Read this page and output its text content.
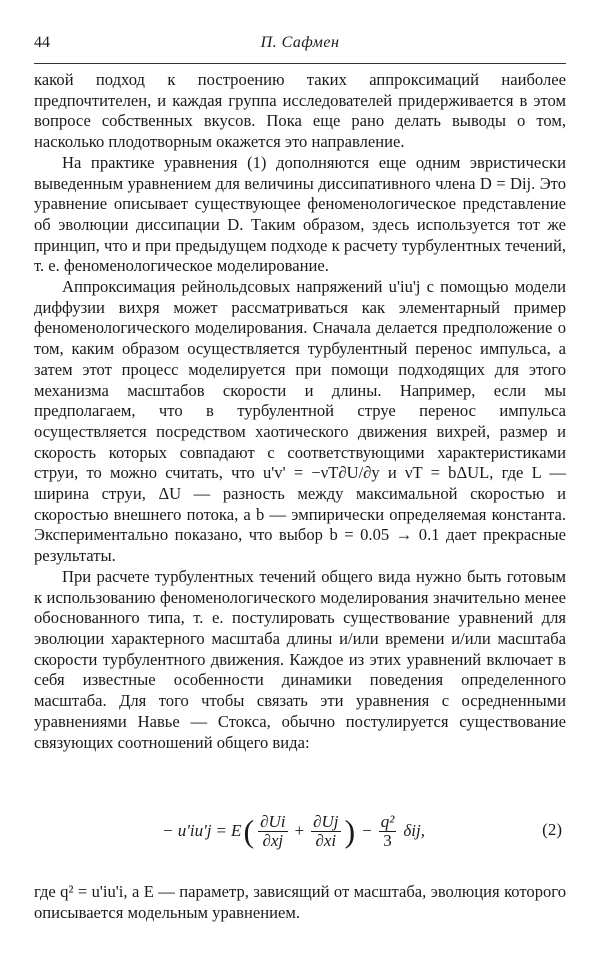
44	П. Сафмен

какой подход к построению таких аппроксимаций наиболее предпочтителен, и каждая группа исследователей придерживается в этом вопросе собственных вкусов. Пока еще рано делать выводы о том, насколько плодотворным окажется это направление.

На практике уравнения (1) дополняются еще одним эвристически выведенным уравнением для величины диссипативного члена D = Dij. Это уравнение описывает существующее феноменологическое представление об эволюции диссипации D. Таким образом, здесь используется тот же принцип, что и при предыдущем подходе к расчету турбулентных течений, т. е. феноменологическое моделирование.

Аппроксимация рейнольдсовых напряжений u'iu'j с помощью модели диффузии вихря может рассматриваться как элементарный пример феноменологического моделирования. Сначала делается предположение о том, каким образом осуществляется турбулентный перенос импульса, а затем этот процесс моделируется при помощи подходящих для этого механизма масштабов скорости и длины. Например, если мы предполагаем, что в турбулентной струе перенос импульса осуществляется посредством хаотического движения вихрей, размер и скорость которых совпадают с соответствующими характеристиками струи, то можно считать, что u'v' = −νT∂U/∂y и νT = bΔUL, где L — ширина струи, ΔU — разность между максимальной скоростью и скоростью внешнего потока, a b — эмпирически определяемая константа. Экспериментально показано, что выбор b = 0.05 → 0.1 дает прекрасные результаты.

При расчете турбулентных течений общего вида нужно быть готовым к использованию феноменологического моделирования значительно менее обоснованного типа, т. е. постулировать существование уравнений для эволюции характерного масштаба длины и/или времени и/или масштаба скорости турбулентного движения. Каждое из этих уравнений включает в себя известные особенности динамики поведения определенного масштаба. Для того чтобы связать эти уравнения с осредненными уравнениями Навье — Стокса, обычно постулируется существование связующих соотношений общего вида:

− u'iu'j = E ( $\frac{\partial Ui}{\partial xj} + \frac{\partial Uj}{\partial xi}$ ) − $\frac{\text{q²}}{3} \delta ij$,	(2)

где q² = u'iu'i, а E — параметр, зависящий от масштаба, эволюция которого описывается модельным уравнением.
